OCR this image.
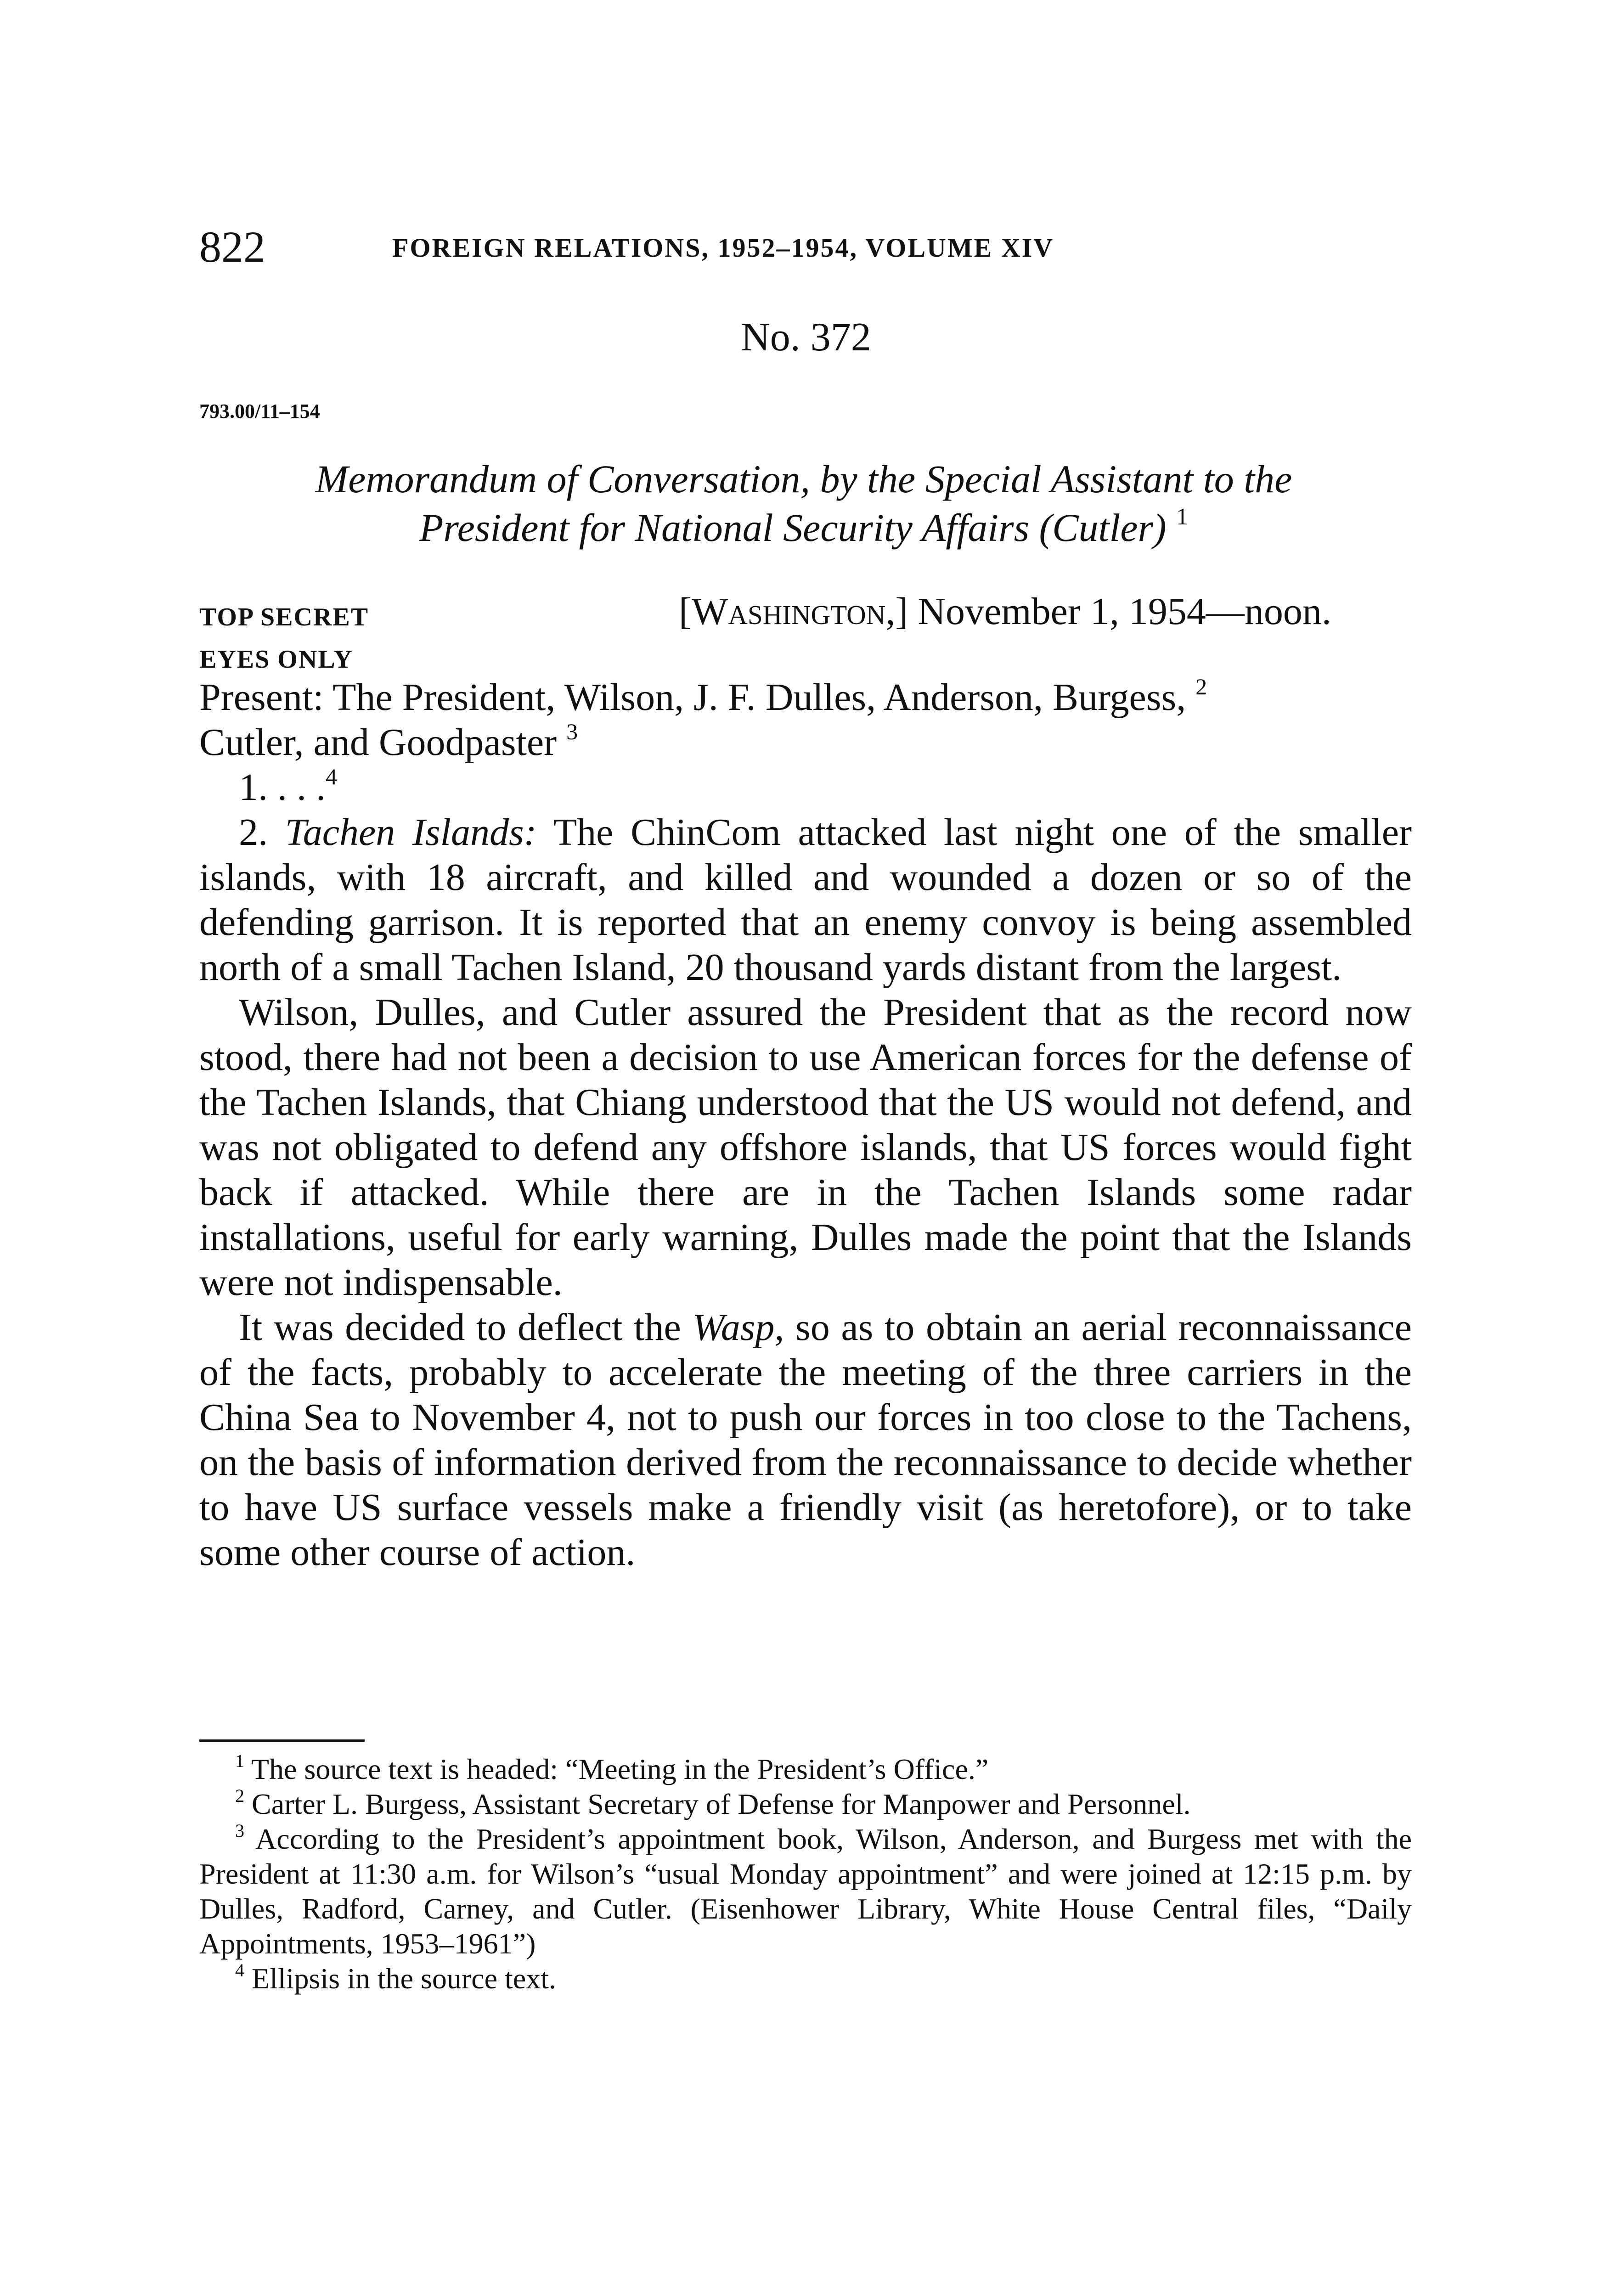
822	FOREIGN RELATIONS, 1952–1954, VOLUME XIV
No. 372
793.00/11–154
Memorandum of Conversation, by the Special Assistant to the
President for National Security Affairs (Cutler) $^1$
TOP SECRET
EYES ONLY
[Washington,] November 1, 1954—noon.

Present: The President, Wilson, J. F. Dulles, Anderson, Burgess, $^2$
Cutler, and Goodpaster $^3$

1. . . .$^4$

2. Tachen Islands: The ChinCom attacked last night one of the smaller islands, with 18 aircraft, and killed and wounded a dozen or so of the defending garrison. It is reported that an enemy convoy is being assembled north of a small Tachen Island, 20 thousand yards distant from the largest.

Wilson, Dulles, and Cutler assured the President that as the record now stood, there had not been a decision to use American forces for the defense of the Tachen Islands, that Chiang understood that the US would not defend, and was not obligated to defend any offshore islands, that US forces would fight back if attacked. While there are in the Tachen Islands some radar installations, useful for early warning, Dulles made the point that the Islands were not indispensable.

It was decided to deflect the Wasp, so as to obtain an aerial reconnaissance of the facts, probably to accelerate the meeting of the three carriers in the China Sea to November 4, not to push our forces in too close to the Tachens, on the basis of information derived from the reconnaissance to decide whether to have US surface vessels make a friendly visit (as heretofore), or to take some other course of action.

$^1$ The source text is headed: “Meeting in the President’s Office.”

$^2$ Carter L. Burgess, Assistant Secretary of Defense for Manpower and Personnel.

$^3$ According to the President’s appointment book, Wilson, Anderson, and Burgess met with the President at 11:30 a.m. for Wilson’s “usual Monday appointment” and were joined at 12:15 p.m. by Dulles, Radford, Carney, and Cutler. (Eisenhower Library, White House Central files, “Daily Appointments, 1953–1961”)

$^4$ Ellipsis in the source text.
